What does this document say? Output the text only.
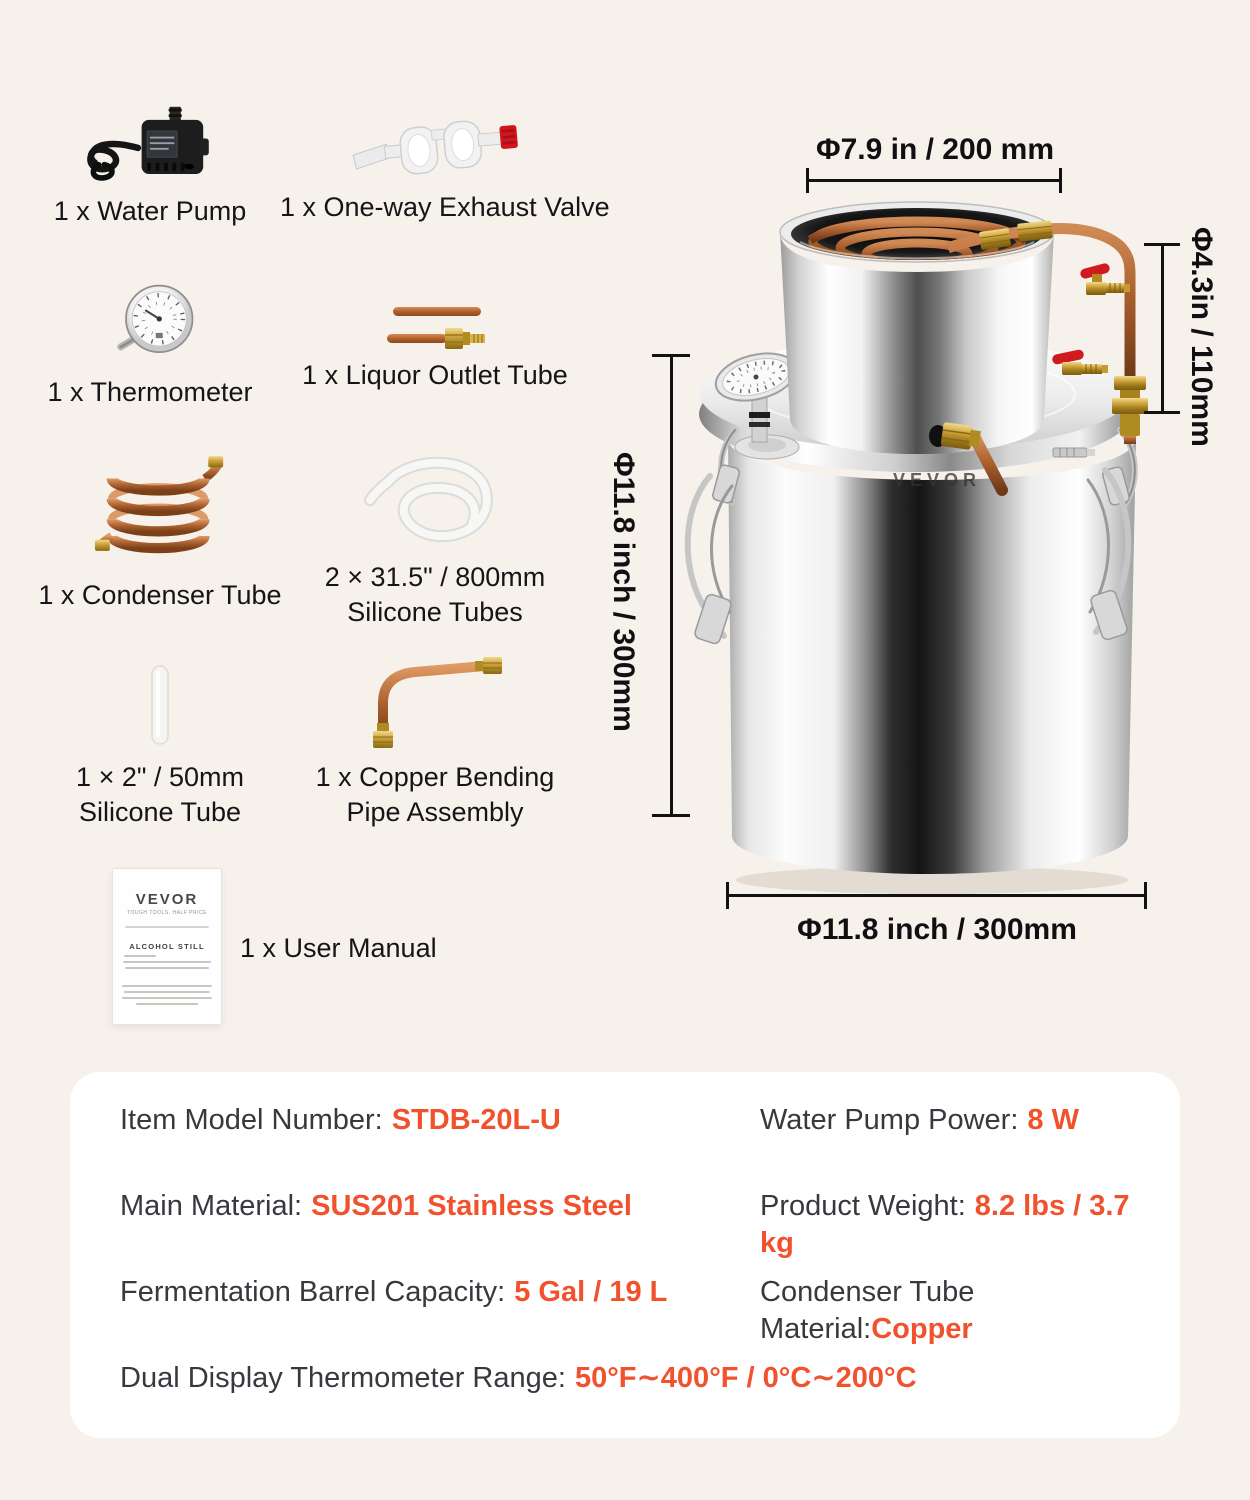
1 x Water Pump	1 x One-way Exhaust Valve
1 x Thermometer
1 x Liquor Outlet Tube
1 x Condenser Tube
2 × 31.5" / 800mm Silicone Tubes
1 × 2" / 50mm Silicone Tube
1 x Copper Bending Pipe Assembly
VEVOR
TOUGH TOOLS, HALF PRICE
ALCOHOL STILL	1 x User Manual
VEVOR
Φ7.9 in / 200 mm
Φ4.3in / 110mm
Φ11.8 inch / 300mm
Φ11.8 inch / 300mm
Item Model Number: STDB-20L-U	Water Pump Power: 8 W
Main Material: SUS201 Stainless Steel	Product Weight: 8.2 lbs / 3.7 kg
Fermentation Barrel Capacity: 5 Gal / 19 L	Condenser Tube Material:Copper
Dual Display Thermometer Range: 50°F∼400°F / 0°C∼200°C
